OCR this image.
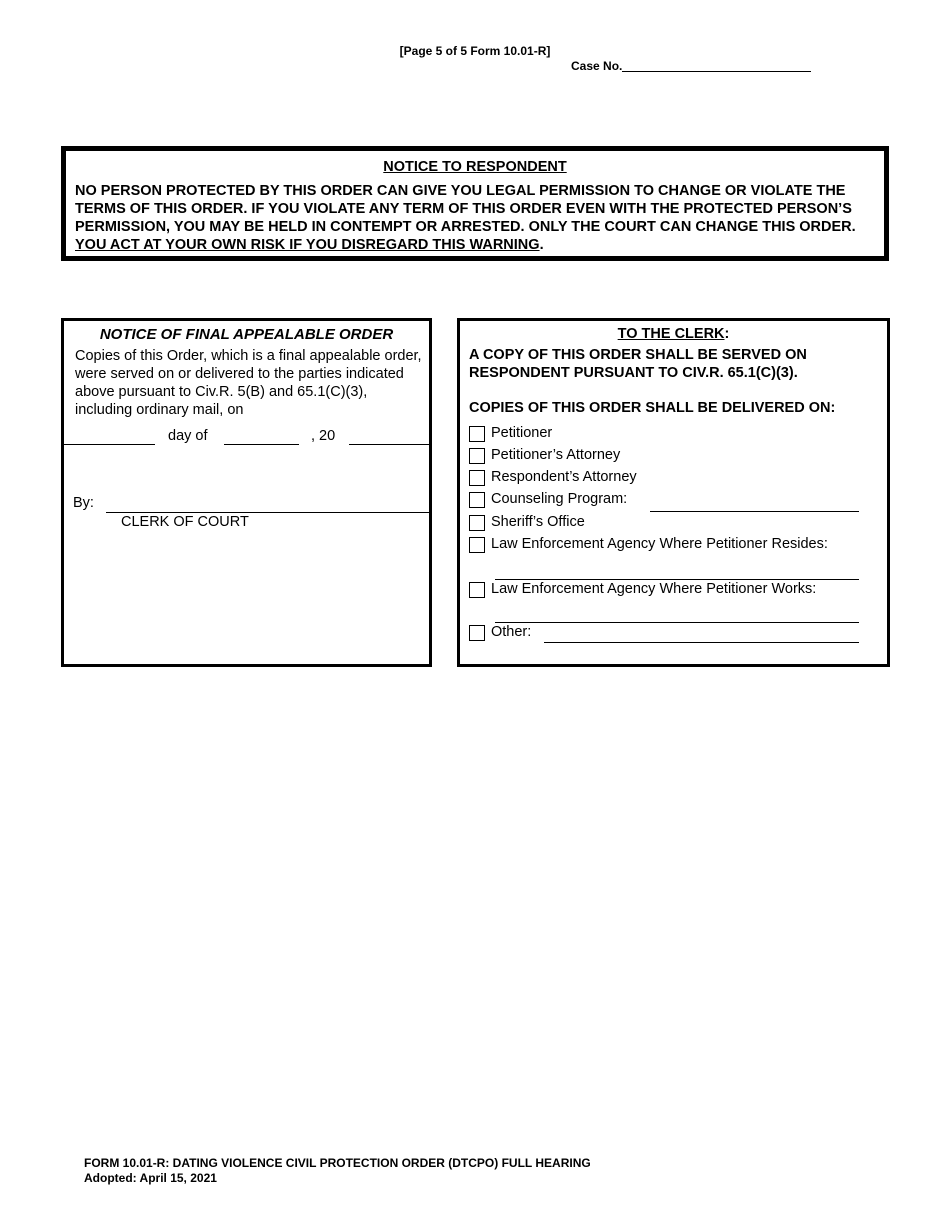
[Page 5 of 5 Form 10.01-R]
Case No.
NOTICE TO RESPONDENT
NO PERSON PROTECTED BY THIS ORDER CAN GIVE YOU LEGAL PERMISSION TO CHANGE OR VIOLATE THE TERMS OF THIS ORDER. IF YOU VIOLATE ANY TERM OF THIS ORDER EVEN WITH THE PROTECTED PERSON’S PERMISSION, YOU MAY BE HELD IN CONTEMPT OR ARRESTED. ONLY THE COURT CAN CHANGE THIS ORDER. YOU ACT AT YOUR OWN RISK IF YOU DISREGARD THIS WARNING.
NOTICE OF FINAL APPEALABLE ORDER
Copies of this Order, which is a final appealable order, were served on or delivered to the parties indicated above pursuant to Civ.R. 5(B) and 65.1(C)(3), including ordinary mail, on
day of	, 20
By:
CLERK OF COURT
TO THE CLERK:
A COPY OF THIS ORDER SHALL BE SERVED ON RESPONDENT PURSUANT TO CIV.R. 65.1(C)(3).
COPIES OF THIS ORDER SHALL BE DELIVERED ON:
Petitioner
Petitioner’s Attorney
Respondent’s Attorney
Counseling Program:
Sheriff’s Office
Law Enforcement Agency Where Petitioner Resides:
Law Enforcement Agency Where Petitioner Works:
Other:
FORM 10.01-R: DATING VIOLENCE CIVIL PROTECTION ORDER (DTCPO) FULL HEARING
Adopted: April 15, 2021
